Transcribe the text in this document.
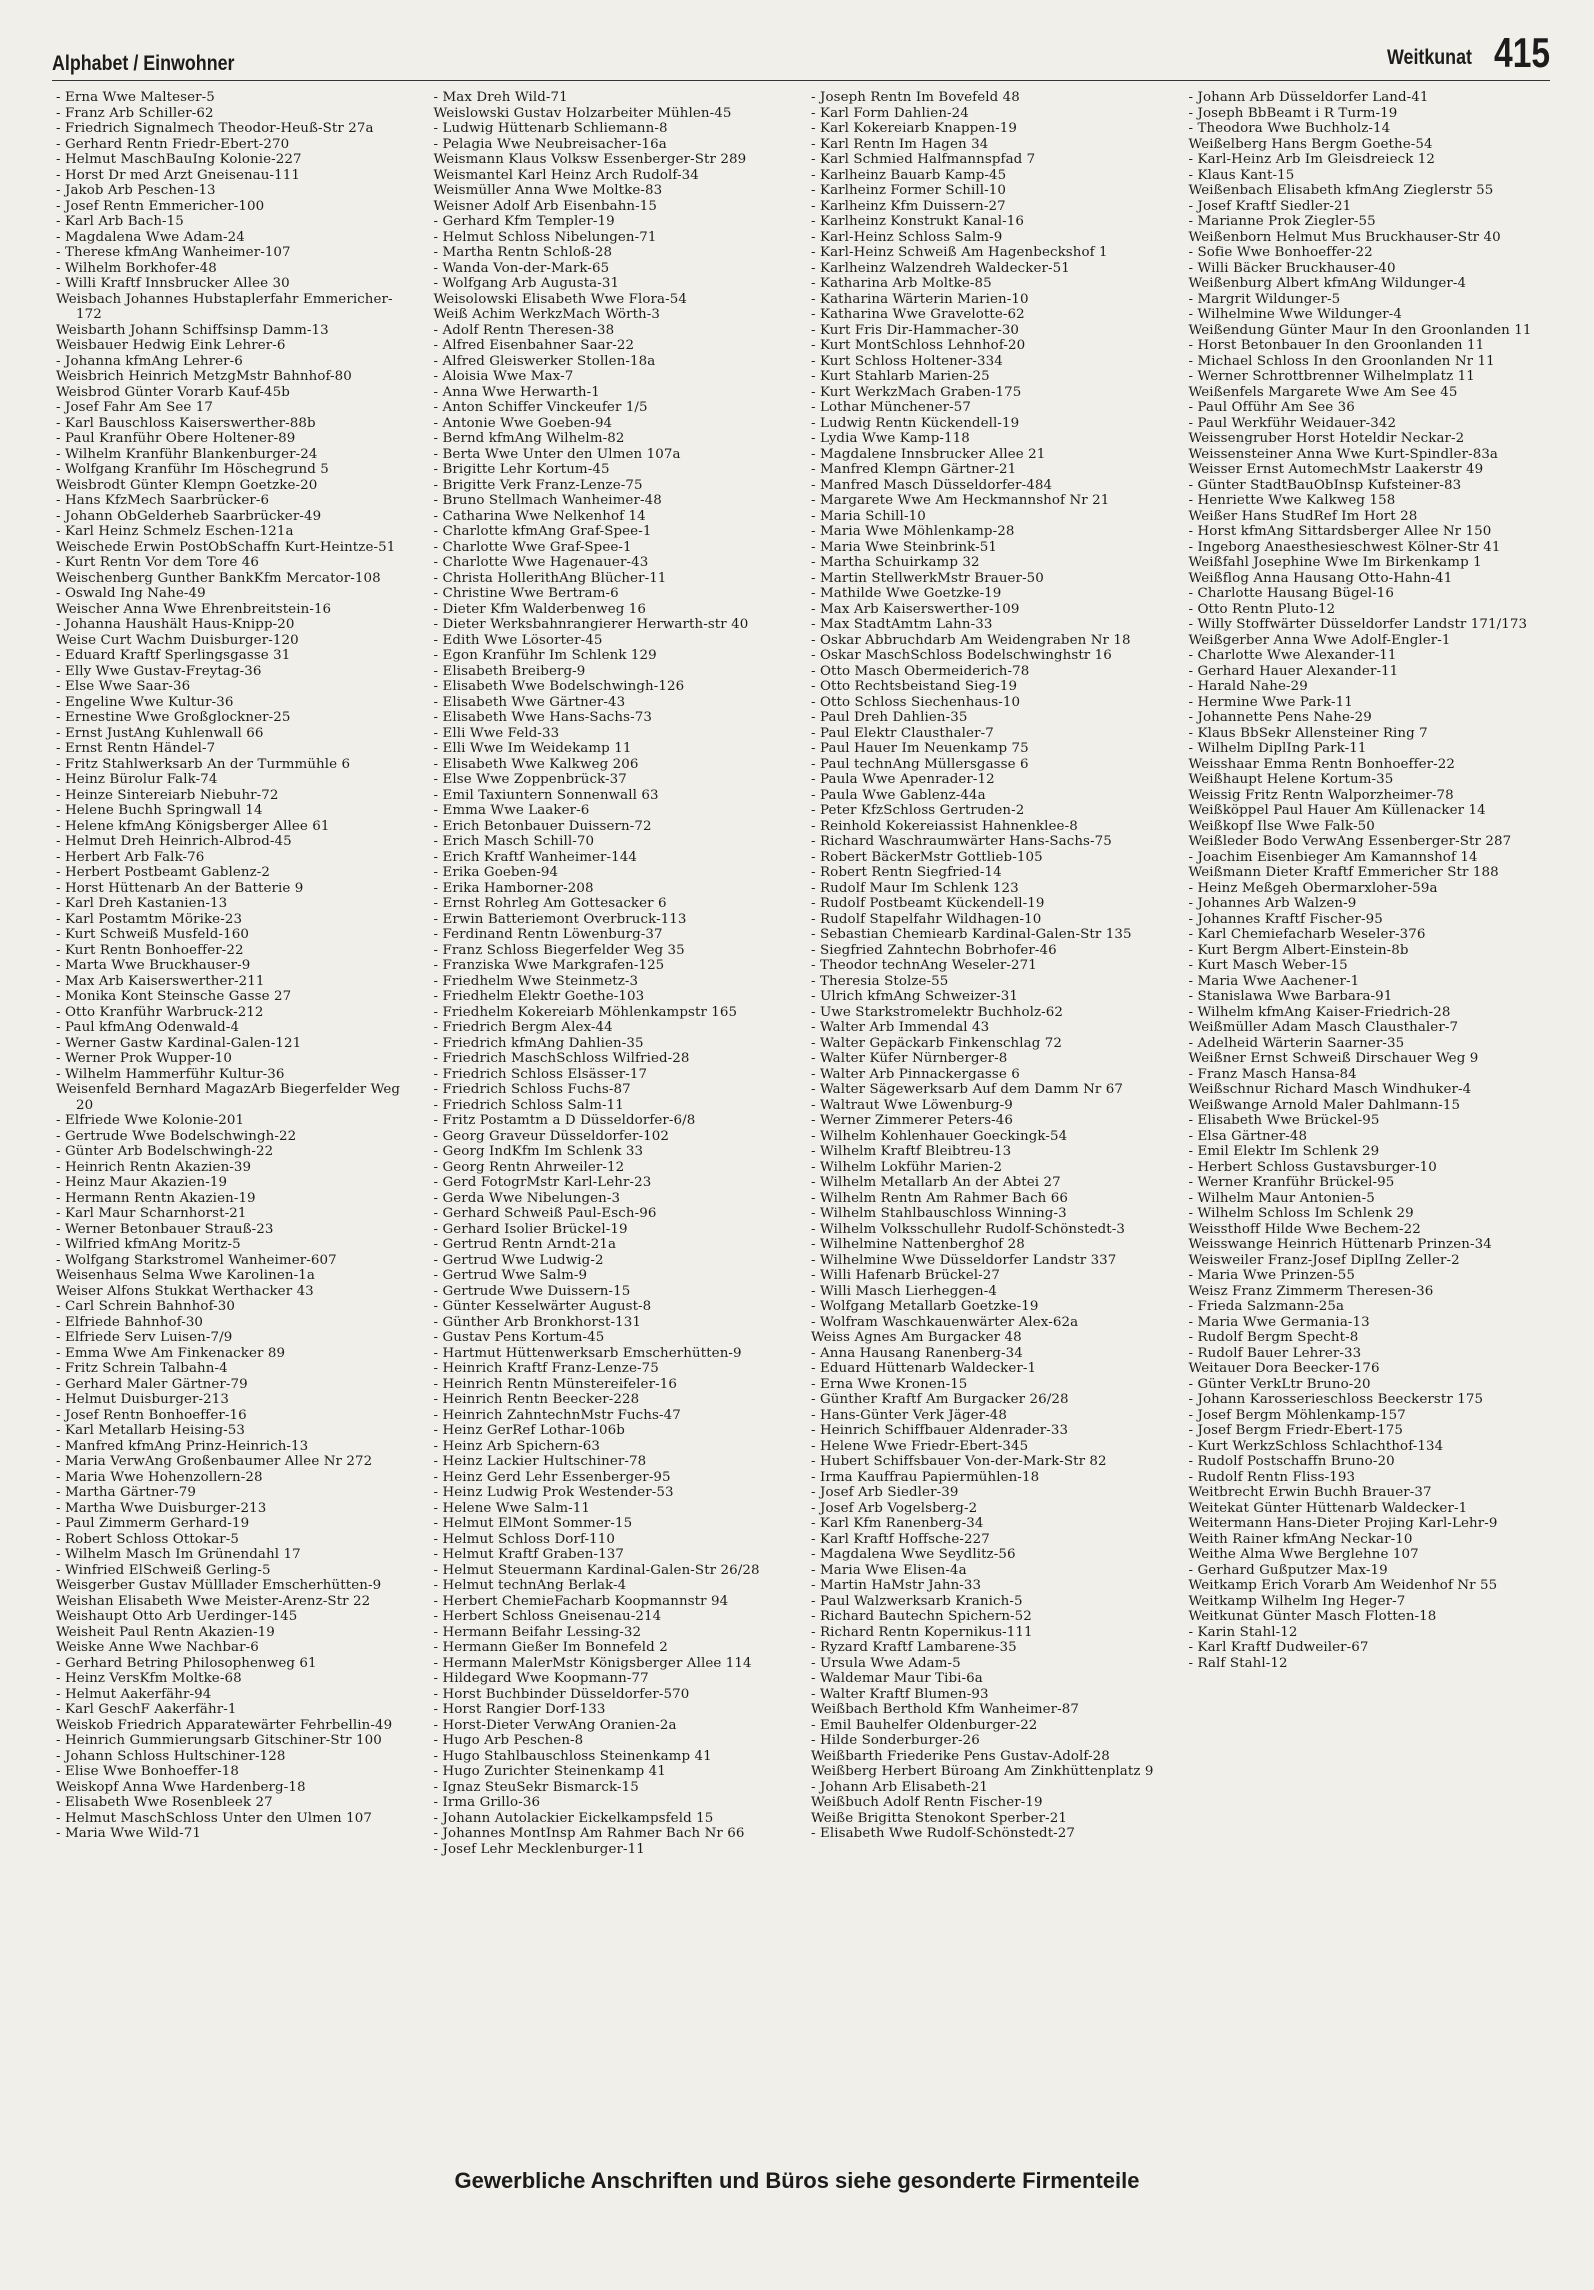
Alphabet / Einwohner	Weitkunat 415
- Erna Wwe Malteser-5
- Franz Arb Schiller-62
- Friedrich Signalmech Theodor-Heuß-Str 27a
- Gerhard Rentn Friedr-Ebert-270
- Helmut MaschBauIng Kolonie-227
- Horst Dr med Arzt Gneisenau-111
- Jakob Arb Peschen-13
- Josef Rentn Emmericher-100
- Karl Arb Bach-15
- Magdalena Wwe Adam-24
- Therese kfmAng Wanheimer-107
- Wilhelm Borkhofer-48
- Willi Kraftf Innsbrucker Allee 30
Weisbach Johannes Hubstaplerfahr Emmericher-172
Weisbarth Johann Schiffsinsp Damm-13
Weisbauer Hedwig Eink Lehrer-6
- Johanna kfmAng Lehrer-6
Weisbrich Heinrich MetzgMstr Bahnhof-80
Weisbrod Günter Vorarb Kauf-45b
- Josef Fahr Am See 17
- Karl Bauschloss Kaiserswerther-88b
- Paul Kranführ Obere Holtener-89
- Wilhelm Kranführ Blankenburger-24
- Wolfgang Kranführ Im Höschegrund 5
Weisbrodt Günter Klempn Goetzke-20
- Hans KfzMech Saarbrücker-6
- Johann ObGelderheb Saarbrücker-49
- Karl Heinz Schmelz Eschen-121a
Weischede Erwin PostObSchaffn Kurt-Heintze-51
- Kurt Rentn Vor dem Tore 46
Weischenberg Gunther BankKfm Mercator-108
- Oswald Ing Nahe-49
Weischer Anna Wwe Ehrenbreitstein-16
- Johanna Haushält Haus-Knipp-20
Weise Curt Wachm Duisburger-120
- Eduard Kraftf Sperlingsgasse 31
- Elly Wwe Gustav-Freytag-36
- Else Wwe Saar-36
- Engeline Wwe Kultur-36
- Ernestine Wwe Großglockner-25
- Ernst JustAng Kuhlenwall 66
- Ernst Rentn Händel-7
- Fritz Stahlwerksarb An der Turmmühle 6
- Heinz Bürolur Falk-74
- Heinze Sintereiarb Niebuhr-72
- Helene Buchh Springwall 14
- Helene kfmAng Königsberger Allee 61
- Helmut Dreh Heinrich-Albrod-45
- Herbert Arb Falk-76
- Herbert Postbeamt Gablenz-2
- Horst Hüttenarb An der Batterie 9
- Karl Dreh Kastanien-13
- Karl Postamtm Mörike-23
- Kurt Schweiß Musfeld-160
- Kurt Rentn Bonhoeffer-22
- Marta Wwe Bruckhauser-9
- Max Arb Kaiserswerther-211
- Monika Kont Steinsche Gasse 27
- Otto Kranführ Warbruck-212
- Paul kfmAng Odenwald-4
- Werner Gastw Kardinal-Galen-121
- Werner Prok Wupper-10
- Wilhelm Hammerführ Kultur-36
Weisenfeld Bernhard MagazArb Biegerfelder Weg 20
- Elfriede Wwe Kolonie-201
- Gertrude Wwe Bodelschwingh-22
- Günter Arb Bodelschwingh-22
- Heinrich Rentn Akazien-39
- Heinz Maur Akazien-19
- Hermann Rentn Akazien-19
- Karl Maur Scharnhorst-21
- Werner Betonbauer Strauß-23
- Wilfried kfmAng Moritz-5
- Wolfgang Starkstromel Wanheimer-607
Weisenhaus Selma Wwe Karolinen-1a
Weiser Alfons Stukkat Werthacker 43
- Carl Schrein Bahnhof-30
- Elfriede Bahnhof-30
- Elfriede Serv Luisen-7/9
- Emma Wwe Am Finkenacker 89
- Fritz Schrein Talbahn-4
- Gerhard Maler Gärtner-79
- Helmut Duisburger-213
- Josef Rentn Bonhoeffer-16
- Karl Metallarb Heising-53
- Manfred kfmAng Prinz-Heinrich-13
- Maria VerwAng Großenbaumer Allee Nr 272
- Maria Wwe Hohenzollern-28
- Martha Gärtner-79
- Martha Wwe Duisburger-213
- Paul Zimmerm Gerhard-19
- Robert Schloss Ottokar-5
- Wilhelm Masch Im Grünendahl 17
- Winfried ElSchweiß Gerling-5
Weisgerber Gustav Mülllader Emscherhütten-9
Weishan Elisabeth Wwe Meister-Arenz-Str 22
Weishaupt Otto Arb Uerdinger-145
Weisheit Paul Rentn Akazien-19
Weiske Anne Wwe Nachbar-6
- Gerhard Betring Philosophenweg 61
- Heinz VersKfm Moltke-68
- Helmut Aakerfähr-94
- Karl GeschF Aakerfähr-1
Weiskob Friedrich Apparatewärter Fehrbellin-49
- Heinrich Gummierungsarb Gitschiner-Str 100
- Johann Schloss Hultschiner-128
- Elise Wwe Bonhoeffer-18
Weiskopf Anna Wwe Hardenberg-18
- Elisabeth Wwe Rosenbleek 27
- Helmut MaschSchloss Unter den Ulmen 107
- Maria Wwe Wild-71
- Max Dreh Wild-71
Weislowski Gustav Holzarbeiter Mühlen-45
- Ludwig Hüttenarb Schliemann-8
- Pelagia Wwe Neubreisacher-16a
Weismann Klaus Volksw Essenberger-Str 289
Weismantel Karl Heinz Arch Rudolf-34
Weismüller Anna Wwe Moltke-83
Weisner Adolf Arb Eisenbahn-15
- Gerhard Kfm Templer-19
- Helmut Schloss Nibelungen-71
- Martha Rentn Schloß-28
- Wanda Von-der-Mark-65
- Wolfgang Arb Augusta-31
Weisolowski Elisabeth Wwe Flora-54
Weiß Achim WerkzMach Wörth-3
- Adolf Rentn Theresen-38
- Alfred Eisenbahner Saar-22
- Alfred Gleiswerker Stollen-18a
- Aloisia Wwe Max-7
- Anna Wwe Herwarth-1
- Anton Schiffer Vinckeufer 1/5
- Antonie Wwe Goeben-94
- Bernd kfmAng Wilhelm-82
- Berta Wwe Unter den Ulmen 107a
- Brigitte Lehr Kortum-45
- Brigitte Verk Franz-Lenze-75
- Bruno Stellmach Wanheimer-48
- Catharina Wwe Nelkenhof 14
- Charlotte kfmAng Graf-Spee-1
- Charlotte Wwe Graf-Spee-1
- Charlotte Wwe Hagenauer-43
- Christa HollerithAng Blücher-11
- Christine Wwe Bertram-6
- Dieter Kfm Walderbenweg 16
- Dieter Werksbahnrangierer Herwarth-str 40
- Edith Wwe Lösorter-45
- Egon Kranführ Im Schlenk 129
- Elisabeth Breiberg-9
- Elisabeth Wwe Bodelschwingh-126
- Elisabeth Wwe Gärtner-43
- Elisabeth Wwe Hans-Sachs-73
- Elli Wwe Feld-33
- Elli Wwe Im Weidekamp 11
- Elisabeth Wwe Kalkweg 206
- Else Wwe Zoppenbrück-37
- Emil Taxiuntern Sonnenwall 63
- Emma Wwe Laaker-6
- Erich Betonbauer Duissern-72
- Erich Masch Schill-70
- Erich Kraftf Wanheimer-144
- Erika Goeben-94
- Erika Hamborner-208
- Ernst Rohrleg Am Gottesacker 6
- Erwin Batteriemont Overbruck-113
- Ferdinand Rentn Löwenburg-37
- Franz Schloss Biegerfelder Weg 35
- Franziska Wwe Markgrafen-125
- Friedhelm Wwe Steinmetz-3
- Friedhelm Elektr Goethe-103
- Friedhelm Kokereiarb Möhlenkampstr 165
- Friedrich Bergm Alex-44
- Friedrich kfmAng Dahlien-35
- Friedrich MaschSchloss Wilfried-28
- Friedrich Schloss Elsässer-17
- Friedrich Schloss Fuchs-87
- Friedrich Schloss Salm-11
- Fritz Postamtm a D Düsseldorfer-6/8
- Georg Graveur Düsseldorfer-102
- Georg IndKfm Im Schlenk 33
- Georg Rentn Ahrweiler-12
- Gerd FotogrMstr Karl-Lehr-23
- Gerda Wwe Nibelungen-3
- Gerhard Schweiß Paul-Esch-96
- Gerhard Isolier Brückel-19
- Gertrud Rentn Arndt-21a
- Gertrud Wwe Ludwig-2
- Gertrud Wwe Salm-9
- Gertrude Wwe Duissern-15
- Günter Kesselwärter August-8
- Günther Arb Bronkhorst-131
- Gustav Pens Kortum-45
- Hartmut Hüttenwerksarb Emscherhütten-9
- Heinrich Kraftf Franz-Lenze-75
- Heinrich Rentn Münstereifeler-16
- Heinrich Rentn Beecker-228
- Heinrich ZahntechnMstr Fuchs-47
- Heinz GerRef Lothar-106b
- Heinz Arb Spichern-63
- Heinz Lackier Hultschiner-78
- Heinz Gerd Lehr Essenberger-95
- Heinz Ludwig Prok Westender-53
- Helene Wwe Salm-11
- Helmut ElMont Sommer-15
- Helmut Schloss Dorf-110
- Helmut Kraftf Graben-137
- Helmut Steuermann Kardinal-Galen-Str 26/28
- Helmut technAng Berlak-4
- Herbert ChemieFacharb Koopmannstr 94
- Herbert Schloss Gneisenau-214
- Hermann Beifahr Lessing-32
- Hermann Gießer Im Bonnefeld 2
- Hermann MalerMstr Königsberger Allee 114
- Hildegard Wwe Koopmann-77
- Horst Buchbinder Düsseldorfer-570
- Horst Rangier Dorf-133
- Horst-Dieter VerwAng Oranien-2a
- Hugo Arb Peschen-8
- Hugo Stahlbauschloss Steinenkamp 41
- Hugo Zurichter Steinenkamp 41
- Ignaz SteuSekr Bismarck-15
- Irma Grillo-36
- Johann Autolackier Eickelkampsfeld 15
- Johannes MontInsp Am Rahmer Bach Nr 66
- Josef Lehr Mecklenburger-11
- Joseph Rentn Im Bovefeld 48
- Karl Form Dahlien-24
- Karl Kokereiarb Knappen-19
- Karl Rentn Im Hagen 34
- Karl Schmied Halfmannspfad 7
- Karlheinz Bauarb Kamp-45
- Karlheinz Former Schill-10
- Karlheinz Kfm Duissern-27
- Karlheinz Konstrukt Kanal-16
- Karl-Heinz Schloss Salm-9
- Karl-Heinz Schweiß Am Hagenbeckshof 1
- Karlheinz Walzendreh Waldecker-51
- Katharina Arb Moltke-85
- Katharina Wärterin Marien-10
- Katharina Wwe Gravelotte-62
- Kurt Fris Dir-Hammacher-30
- Kurt MontSchloss Lehnhof-20
- Kurt Schloss Holtener-334
- Kurt Stahlarb Marien-25
- Kurt WerkzMach Graben-175
- Lothar Münchener-57
- Ludwig Rentn Kückendell-19
- Lydia Wwe Kamp-118
- Magdalene Innsbrucker Allee 21
- Manfred Klempn Gärtner-21
- Manfred Masch Düsseldorfer-484
- Margarete Wwe Am Heckmannshof Nr 21
- Maria Schill-10
- Maria Wwe Möhlenkamp-28
- Maria Wwe Steinbrink-51
- Martha Schuirkamp 32
- Martin StellwerkMstr Brauer-50
- Mathilde Wwe Goetzke-19
- Max Arb Kaiserswerther-109
- Max StadtAmtm Lahn-33
- Oskar Abbruchdarb Am Weidengraben Nr 18
- Oskar MaschSchloss Bodelschwinghstr 16
- Otto Masch Obermeiderich-78
- Otto Rechtsbeistand Sieg-19
- Otto Schloss Siechenhaus-10
- Paul Dreh Dahlien-35
- Paul Elektr Clausthaler-7
- Paul Hauer Im Neuenkamp 75
- Paul technAng Müllersgasse 6
- Paula Wwe Apenrader-12
- Paula Wwe Gablenz-44a
- Peter KfzSchloss Gertruden-2
- Reinhold Kokereiassist Hahnenklee-8
- Richard Waschraumwärter Hans-Sachs-75
- Robert BäckerMstr Gottlieb-105
- Robert Rentn Siegfried-14
- Rudolf Maur Im Schlenk 123
- Rudolf Postbeamt Kückendell-19
- Rudolf Stapelfahr Wildhagen-10
- Sebastian Chemiearb Kardinal-Galen-Str 135
- Siegfried Zahntechn Bobrhofer-46
- Theodor technAng Weseler-271
- Theresia Stolze-55
- Ulrich kfmAng Schweizer-31
- Uwe Starkstromelektr Buchholz-62
- Walter Arb Immendal 43
- Walter Gepäckarb Finkenschlag 72
- Walter Küfer Nürnberger-8
- Walter Arb Pinnackergasse 6
- Walter Sägewerksarb Auf dem Damm Nr 67
- Waltraut Wwe Löwenburg-9
- Werner Zimmerer Peters-46
- Wilhelm Kohlenhauer Goeckingk-54
- Wilhelm Kraftf Bleibtreu-13
- Wilhelm Lokführ Marien-2
- Wilhelm Metallarb An der Abtei 27
- Wilhelm Rentn Am Rahmer Bach 66
- Wilhelm Stahlbauschloss Winning-3
- Wilhelm Volksschullehr Rudolf-Schönstedt-3
- Wilhelmine Nattenberghof 28
- Wilhelmine Wwe Düsseldorfer Landstr 337
- Willi Hafenarb Brückel-27
- Willi Masch Lierheggen-4
- Wolfgang Metallarb Goetzke-19
- Wolfram Waschkauenwärter Alex-62a
Weiss Agnes Am Burgacker 48
- Anna Hausang Ranenberg-34
- Eduard Hüttenarb Waldecker-1
- Erna Wwe Kronen-15
- Günther Kraftf Am Burgacker 26/28
- Hans-Günter Verk Jäger-48
- Heinrich Schiffbauer Aldenrader-33
- Helene Wwe Friedr-Ebert-345
- Hubert Schiffsbauer Von-der-Mark-Str 82
- Irma Kauffrau Papiermühlen-18
- Josef Arb Siedler-39
- Josef Arb Vogelsberg-2
- Karl Kfm Ranenberg-34
- Karl Kraftf Hoffsche-227
- Magdalena Wwe Seydlitz-56
- Maria Wwe Elisen-4a
- Martin HaMstr Jahn-33
- Paul Walzwerksarb Kranich-5
- Richard Bautechn Spichern-52
- Richard Rentn Kopernikus-111
- Ryzard Kraftf Lambarene-35
- Ursula Wwe Adam-5
- Waldemar Maur Tibi-6a
- Walter Kraftf Blumen-93
Weißbach Berthold Kfm Wanheimer-87
- Emil Bauhelfer Oldenburger-22
- Hilde Sonderburger-26
Weißbarth Friederike Pens Gustav-Adolf-28
Weißberg Herbert Büroang Am Zinkhüttenplatz 9
- Johann Arb Elisabeth-21
Weißbuch Adolf Rentn Fischer-19
Weiße Brigitta Stenokont Sperber-21
- Elisabeth Wwe Rudolf-Schönstedt-27
- Johann Arb Düsseldorfer Land-41
- Joseph BbBeamt i R Turm-19
- Theodora Wwe Buchholz-14
Weißelberg Hans Bergm Goethe-54
- Karl-Heinz Arb Im Gleisdreieck 12
- Klaus Kant-15
Weißenbach Elisabeth kfmAng Zieglerstr 55
- Josef Kraftf Siedler-21
- Marianne Prok Ziegler-55
Weißenborn Helmut Mus Bruckhauser-Str 40
- Sofie Wwe Bonhoeffer-22
- Willi Bäcker Bruckhauser-40
Weißenburg Albert kfmAng Wildunger-4
- Margrit Wildunger-5
- Wilhelmine Wwe Wildunger-4
Weißendung Günter Maur In den Groonlanden 11
- Horst Betonbauer In den Groonlanden 11
- Michael Schloss In den Groonlanden Nr 11
- Werner Schrottbrenner Wilhelmplatz 11
Weißenfels Margarete Wwe Am See 45
- Paul Offühr Am See 36
- Paul Werkführ Weidauer-342
Weissengruber Horst Hoteldir Neckar-2
Weissensteiner Anna Wwe Kurt-Spindler-83a
Weisser Ernst AutomechMstr Laakerstr 49
- Günter StadtBauObInsp Kufsteiner-83
- Henriette Wwe Kalkweg 158
Weißer Hans StudRef Im Hort 28
- Horst kfmAng Sittardsberger Allee Nr 150
- Ingeborg Anaesthesieschwest Kölner-Str 41
Weißfahl Josephine Wwe Im Birkenkamp 1
Weißflog Anna Hausang Otto-Hahn-41
- Charlotte Hausang Bügel-16
- Otto Rentn Pluto-12
- Willy Stoffwärter Düsseldorfer Landstr 171/173
Weißgerber Anna Wwe Adolf-Engler-1
- Charlotte Wwe Alexander-11
- Gerhard Hauer Alexander-11
- Harald Nahe-29
- Hermine Wwe Park-11
- Johannette Pens Nahe-29
- Klaus BbSekr Allensteiner Ring 7
- Wilhelm DiplIng Park-11
Weisshaar Emma Rentn Bonhoeffer-22
Weißhaupt Helene Kortum-35
Weissig Fritz Rentn Walporzheimer-78
Weißköppel Paul Hauer Am Küllenacker 14
Weißkopf Ilse Wwe Falk-50
Weißleder Bodo VerwAng Essenberger-Str 287
- Joachim Eisenbieger Am Kamannshof 14
Weißmann Dieter Kraftf Emmericher Str 188
- Heinz Meßgeh Obermarxloher-59a
- Johannes Arb Walzen-9
- Johannes Kraftf Fischer-95
- Karl Chemiefacharb Weseler-376
- Kurt Bergm Albert-Einstein-8b
- Kurt Masch Weber-15
- Maria Wwe Aachener-1
- Stanislawa Wwe Barbara-91
- Wilhelm kfmAng Kaiser-Friedrich-28
Weißmüller Adam Masch Clausthaler-7
- Adelheid Wärterin Saarner-35
Weißner Ernst Schweiß Dirschauer Weg 9
- Franz Masch Hansa-84
Weißschnur Richard Masch Windhuker-4
Weißwange Arnold Maler Dahlmann-15
- Elisabeth Wwe Brückel-95
- Elsa Gärtner-48
- Emil Elektr Im Schlenk 29
- Herbert Schloss Gustavsburger-10
- Werner Kranführ Brückel-95
- Wilhelm Maur Antonien-5
- Wilhelm Schloss Im Schlenk 29
Weissthoff Hilde Wwe Bechem-22
Weisswange Heinrich Hüttenarb Prinzen-34
Weisweiler Franz-Josef DiplIng Zeller-2
- Maria Wwe Prinzen-55
Weisz Franz Zimmerm Theresen-36
- Frieda Salzmann-25a
- Maria Wwe Germania-13
- Rudolf Bergm Specht-8
- Rudolf Bauer Lehrer-33
Weitauer Dora Beecker-176
- Günter VerkLtr Bruno-20
- Johann Karosserieschloss Beeckerstr 175
- Josef Bergm Möhlenkamp-157
- Josef Bergm Friedr-Ebert-175
- Kurt WerkzSchloss Schlachthof-134
- Rudolf Postschaffn Bruno-20
- Rudolf Rentn Fliss-193
Weitbrecht Erwin Buchh Brauer-37
Weitekat Günter Hüttenarb Waldecker-1
Weitermann Hans-Dieter Projing Karl-Lehr-9
Weith Rainer kfmAng Neckar-10
Weithe Alma Wwe Berglehne 107
- Gerhard Gußputzer Max-19
Weitkamp Erich Vorarb Am Weidenhof Nr 55
Weitkamp Wilhelm Ing Heger-7
Weitkunat Günter Masch Flotten-18
- Karin Stahl-12
- Karl Kraftf Dudweiler-67
- Ralf Stahl-12
Gewerbliche Anschriften und Büros siehe gesonderte Firmenteile
